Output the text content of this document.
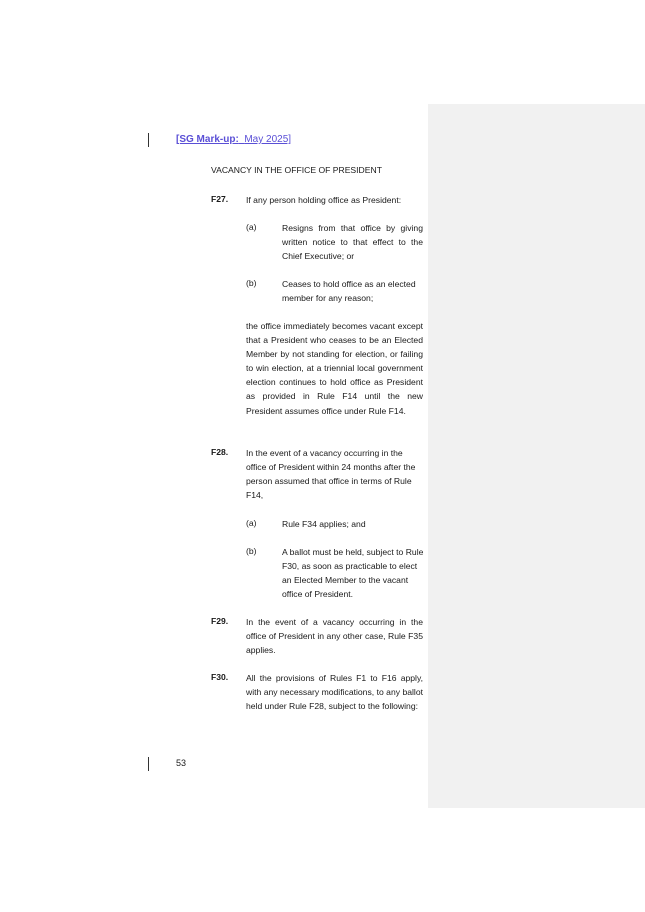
[SG Mark-up: May 2025]
VACANCY IN THE OFFICE OF PRESIDENT
F27. If any person holding office as President:
(a)	Resigns from that office by giving written notice to that effect to the Chief Executive; or
(b)	Ceases to hold office as an elected member for any reason;
the office immediately becomes vacant except that a President who ceases to be an Elected Member by not standing for election, or failing to win election, at a triennial local government election continues to hold office as President as provided in Rule F14 until the new President assumes office under Rule F14.
F28. In the event of a vacancy occurring in the office of President within 24 months after the person assumed that office in terms of Rule F14,
(a)	Rule F34 applies; and
(b)	A ballot must be held, subject to Rule F30, as soon as practicable to elect an Elected Member to the vacant office of President.
F29. In the event of a vacancy occurring in the office of President in any other case, Rule F35 applies.
F30. All the provisions of Rules F1 to F16 apply, with any necessary modifications, to any ballot held under Rule F28, subject to the following:
53
